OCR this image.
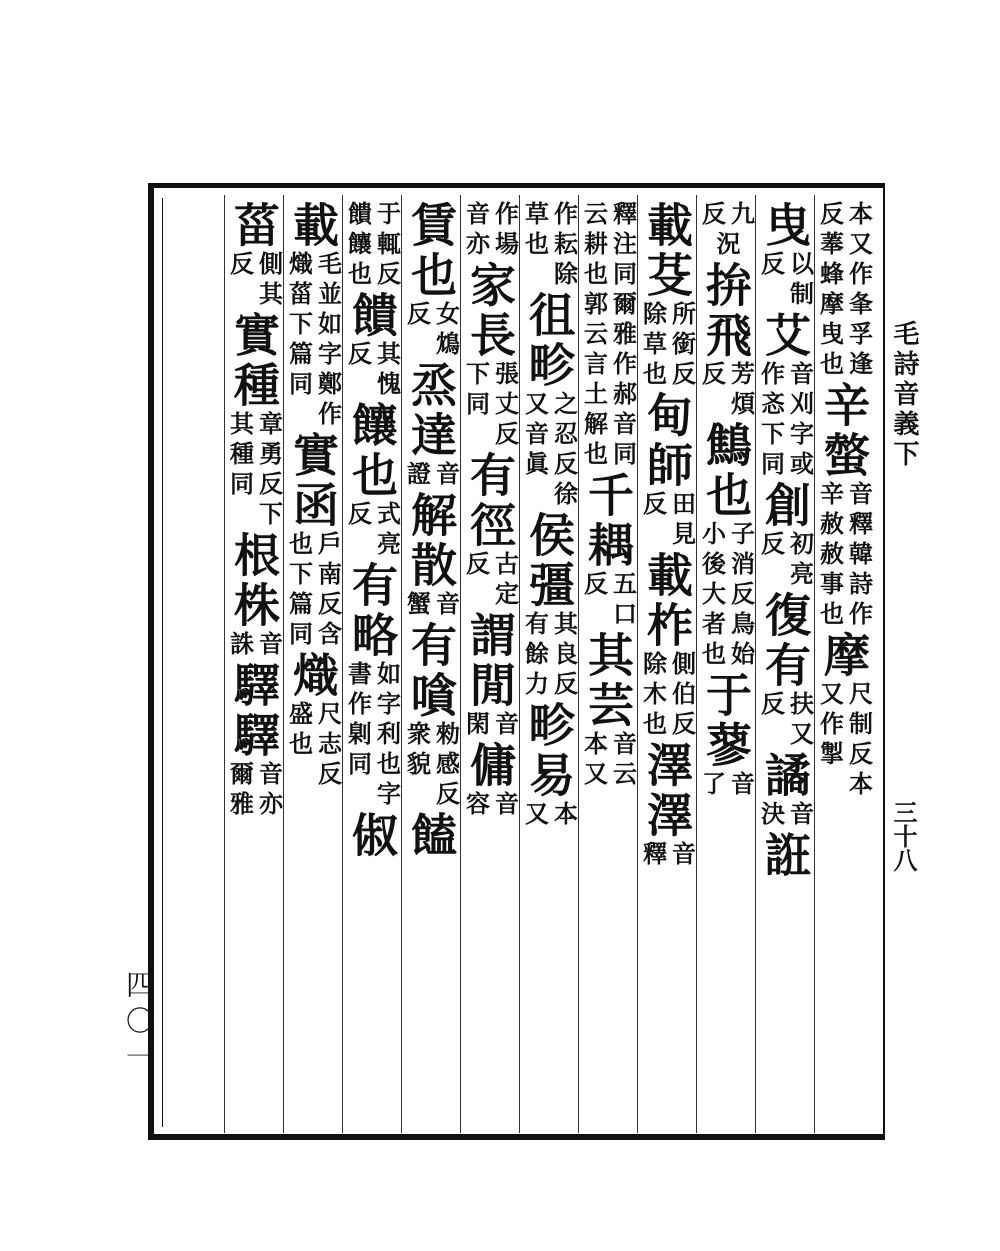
毛詩音義下
三十八
四〇一
本又作
反菶蜂
夆孚逢
摩曳也
辛螫
音釋韓
辛赦赦
詩作
事也
摩
尺制反本
又作掣
曳
以制
反
艾
音刈字或
作忞下同
創
初亮
反
復有
扶又
反
譎
音
決
誑
九
反
況
拚飛
芳煩
反
鷦也
子消反鳥始
小後大者也
于蓼
音
了
載芟
所銜反
除草也
甸師
田見
反
載柞
側伯反
除木也
澤澤
音
釋
釋注同爾雅作郝
云耕也郭云言土
音同
解也
千耦
五口
反
其芸
音云
本又
作耘除
草也
徂畛
之忍反徐
又音眞
侯彊
其良反
有餘力
畛易
本
又
作場
音亦
家長
張丈反
下同
有徑
古定
反
謂閒
音
閑
傭
音
容
賃也
女鴆
反
烝達
音
證
解散
音
蟹
有嗿
勑感反
衆貌
饁
于輒反
饋饟也
饋
其愧
反
饟也
式亮
反
有略
如字利也字
書作㓷同
俶
載
毛並如字鄭作
熾菑下篇同
實函
戶南反含
也下篇同
熾
尺志反
盛也
菑
側其
反
實種
章勇反下
其種同
根株
音
誅
驛驛
音亦
爾雅
